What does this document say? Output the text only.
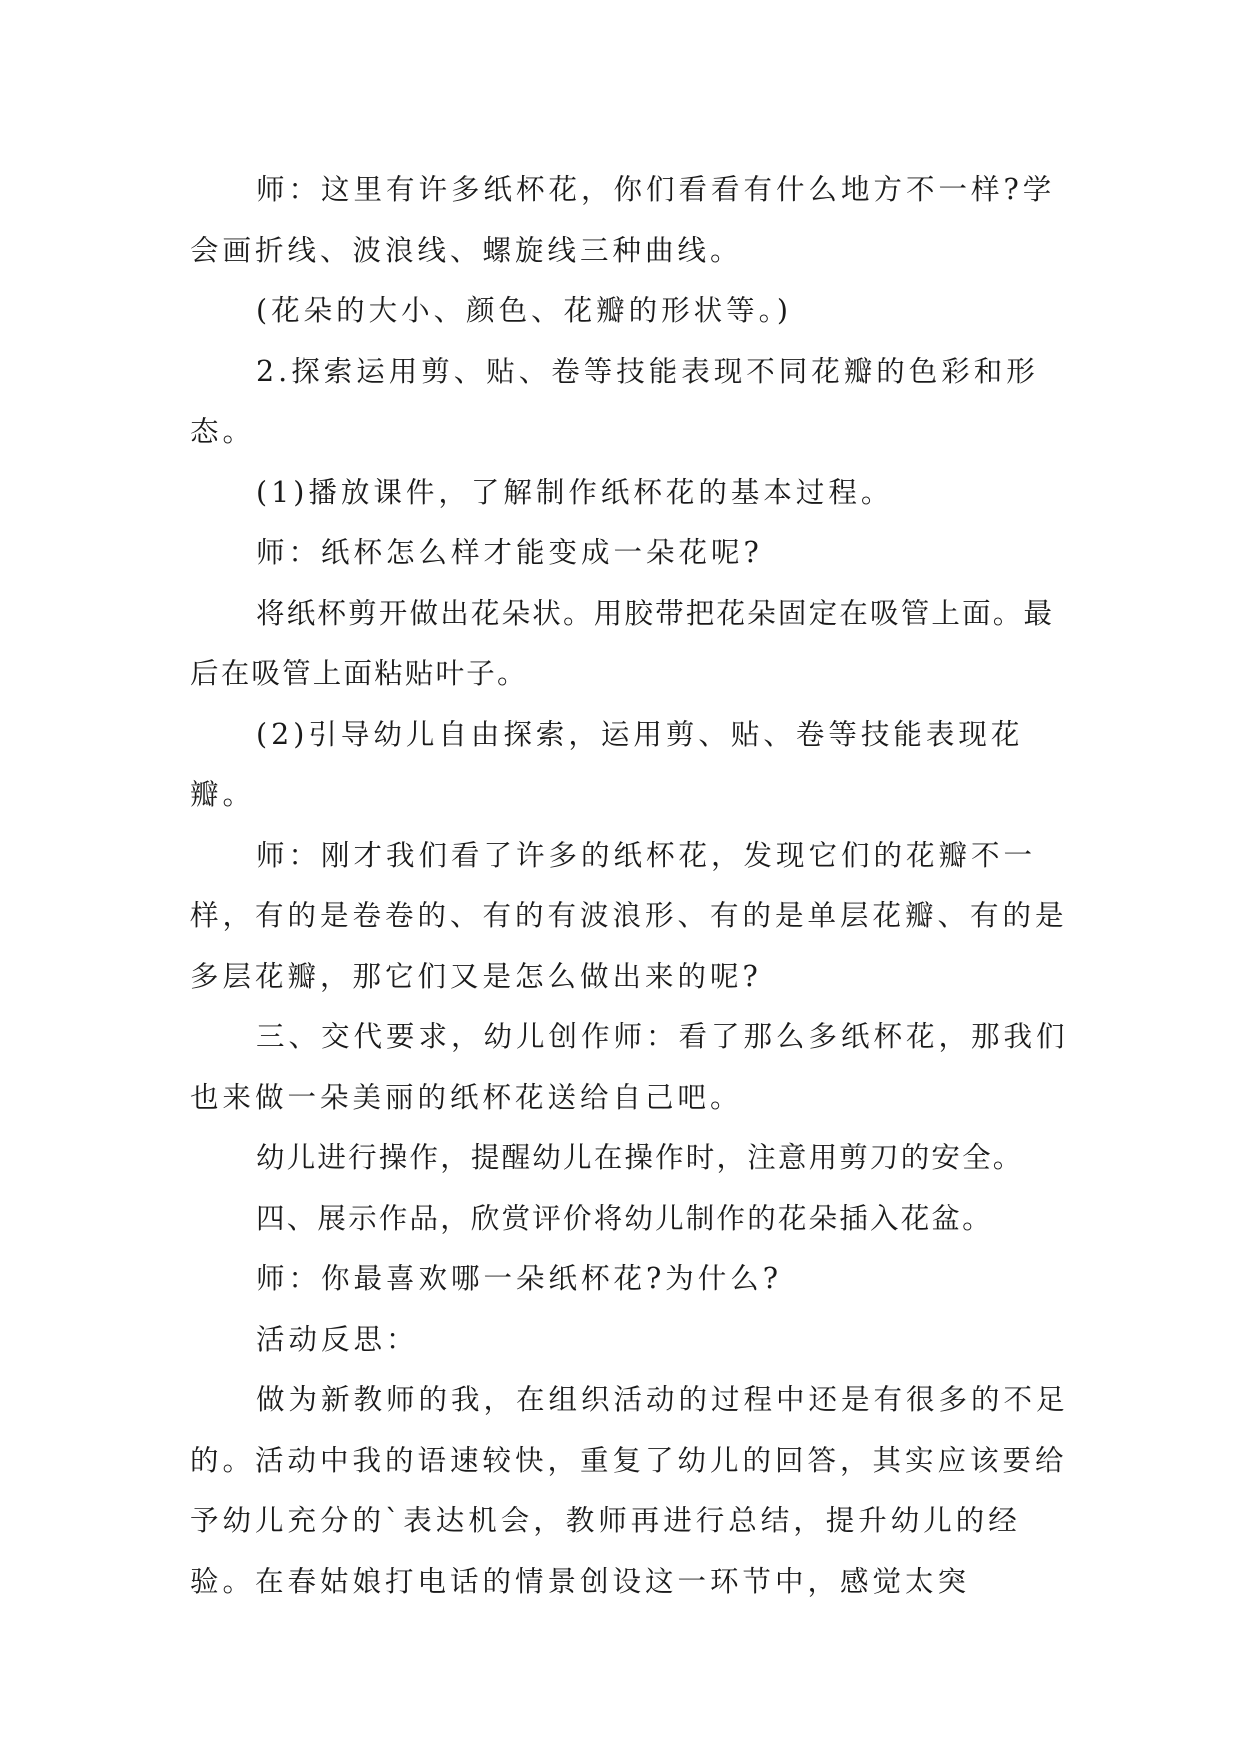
师：这里有许多纸杯花，你们看看有什么地方不一样?学会画折线、波浪线、螺旋线三种曲线。

(花朵的大小、颜色、花瓣的形状等。)

2.探索运用剪、贴、卷等技能表现不同花瓣的色彩和形态。

(1)播放课件，了解制作纸杯花的基本过程。

师：纸杯怎么样才能变成一朵花呢?

将纸杯剪开做出花朵状。用胶带把花朵固定在吸管上面。最后在吸管上面粘贴叶子。

(2)引导幼儿自由探索，运用剪、贴、卷等技能表现花瓣。

师：刚才我们看了许多的纸杯花，发现它们的花瓣不一样，有的是卷卷的、有的有波浪形、有的是单层花瓣、有的是多层花瓣，那它们又是怎么做出来的呢?

三、交代要求，幼儿创作师：看了那么多纸杯花，那我们也来做一朵美丽的纸杯花送给自己吧。

幼儿进行操作，提醒幼儿在操作时，注意用剪刀的安全。

四、展示作品，欣赏评价将幼儿制作的花朵插入花盆。

师：你最喜欢哪一朵纸杯花?为什么?

活动反思：

做为新教师的我，在组织活动的过程中还是有很多的不足的。活动中我的语速较快，重复了幼儿的回答，其实应该要给予幼儿充分的`表达机会，教师再进行总结，提升幼儿的经验。在春姑娘打电话的情景创设这一环节中，感觉太突
